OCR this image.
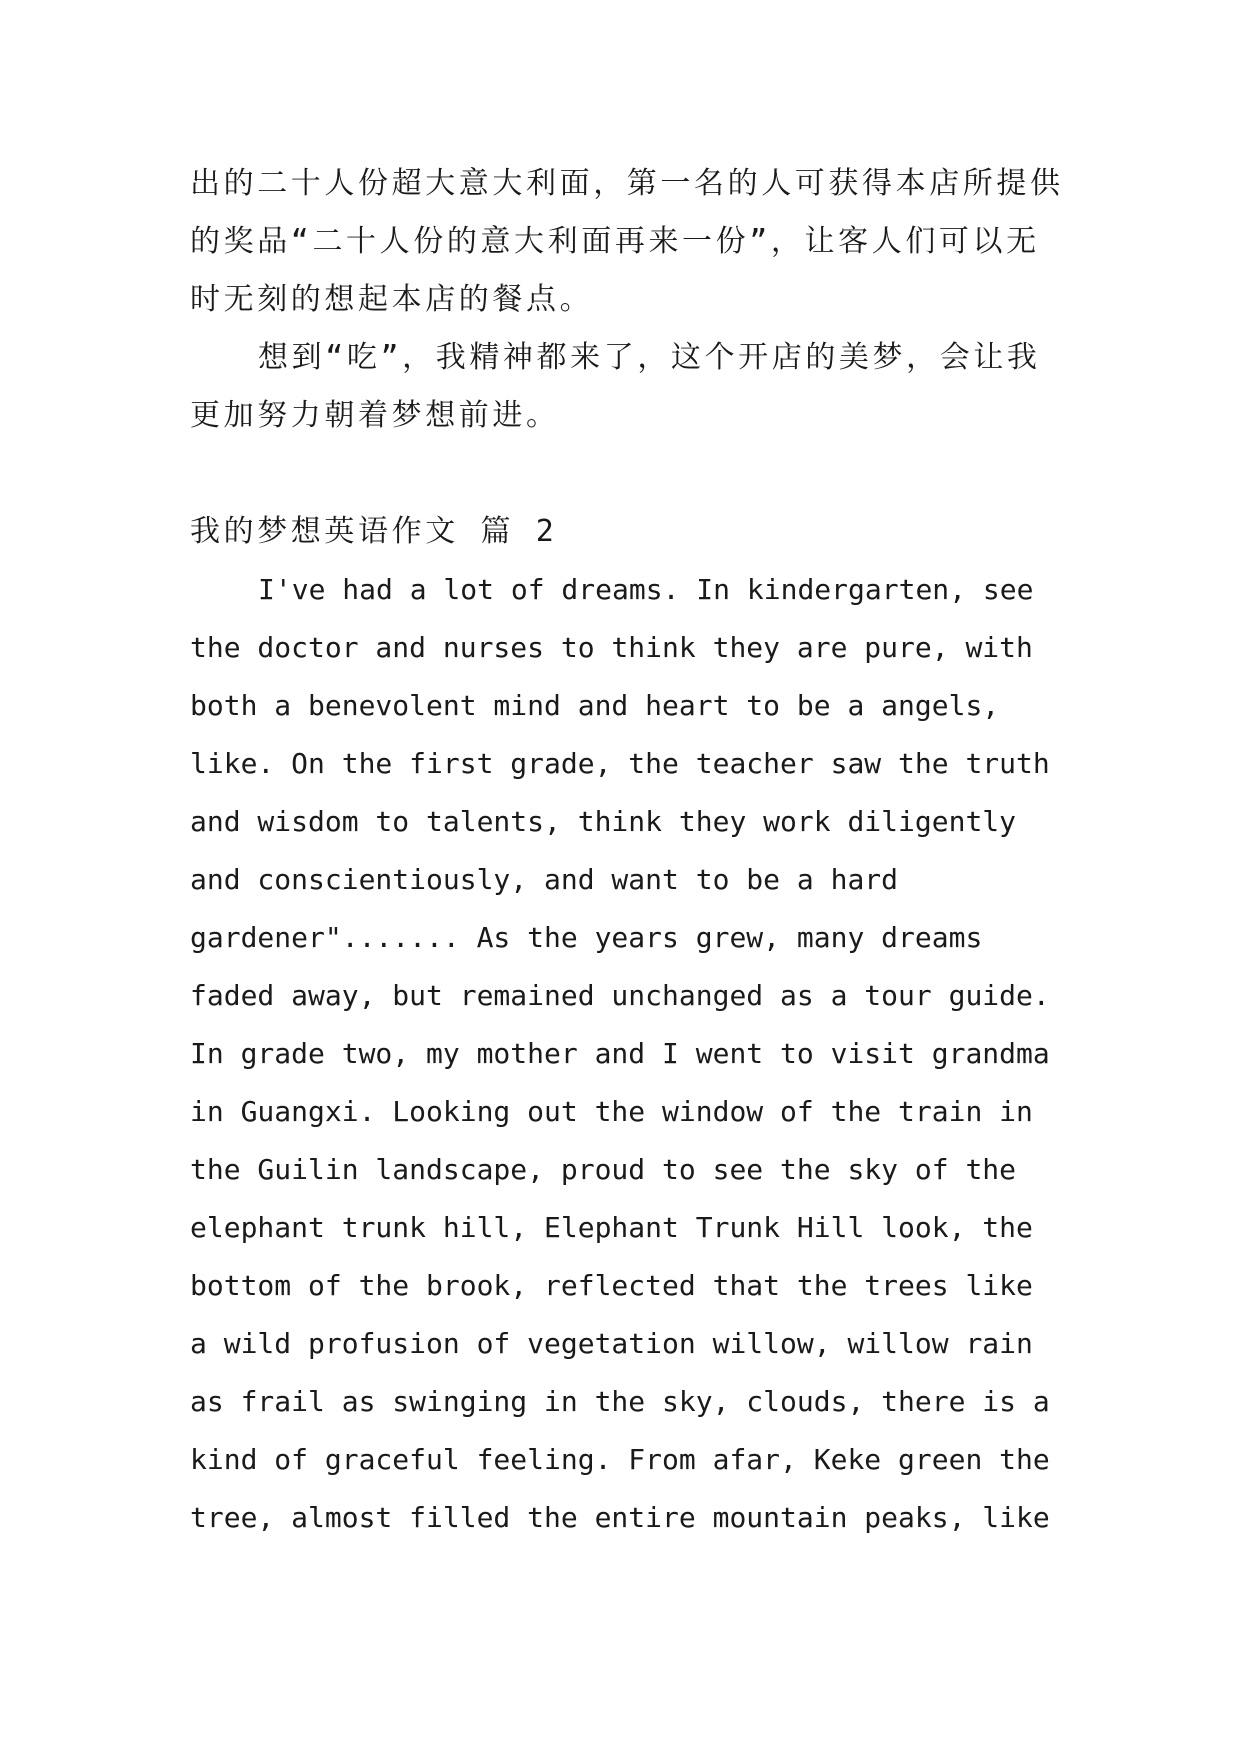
出的二十人份超大意大利面，第一名的人可获得本店所提供
的奖品“二十人份的意大利面再来一份”，让客人们可以无
时无刻的想起本店的餐点。
想到“吃”，我精神都来了，这个开店的美梦，会让我
更加努力朝着梦想前进。
我的梦想英语作文 篇 2
I've had a lot of dreams. In kindergarten, see
the doctor and nurses to think they are pure, with
both a benevolent mind and heart to be a angels,
like. On the first grade, the teacher saw the truth
and wisdom to talents, think they work diligently
and conscientiously, and want to be a hard
gardener"....... As the years grew, many dreams
faded away, but remained unchanged as a tour guide.
In grade two, my mother and I went to visit grandma
in Guangxi. Looking out the window of the train in
the Guilin landscape, proud to see the sky of the
elephant trunk hill, Elephant Trunk Hill look, the
bottom of the brook, reflected that the trees like
a wild profusion of vegetation willow, willow rain
as frail as swinging in the sky, clouds, there is a
kind of graceful feeling. From afar, Keke green the
tree, almost filled the entire mountain peaks, like
